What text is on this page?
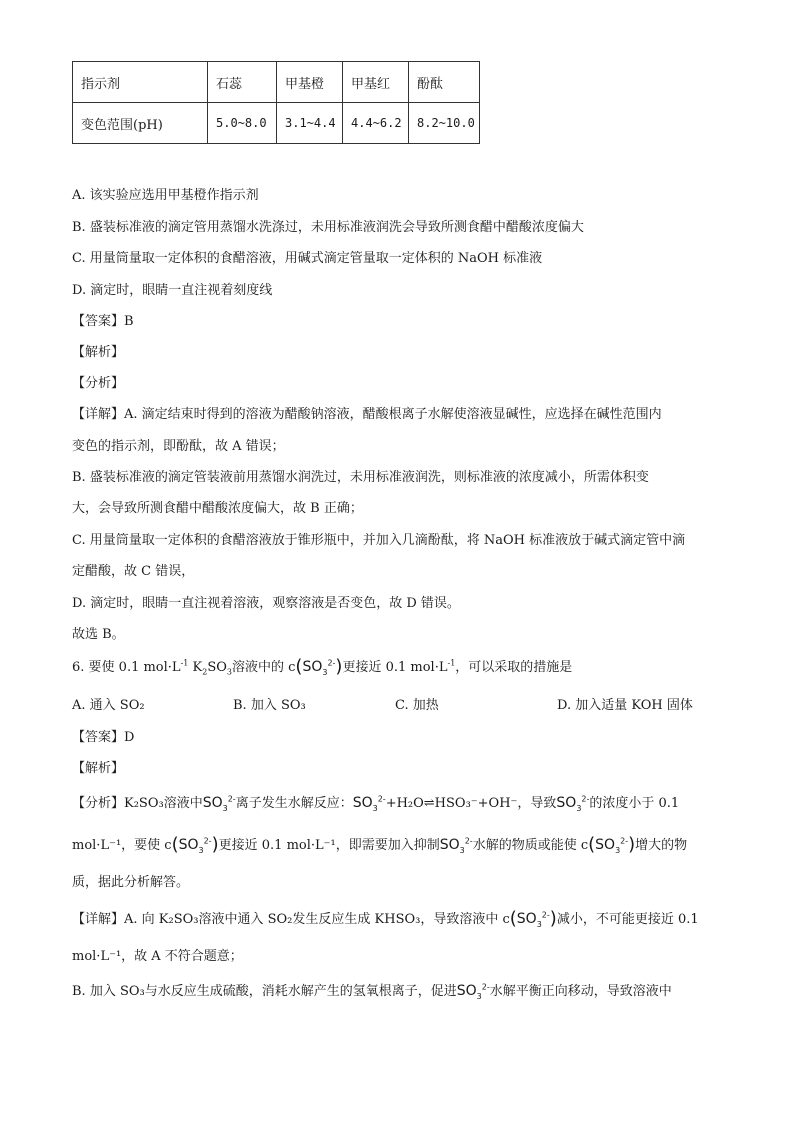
指示剂	石蕊	甲基橙	甲基红	酚酞
变色范围(pH)	5.0~8.0	3.1~4.4	4.4~6.2	8.2~10.0
A. 该实验应选用甲基橙作指示剂
B. 盛装标准液的滴定管用蒸馏水洗涤过，未用标准液润洗会导致所测食醋中醋酸浓度偏大
C. 用量筒量取一定体积的食醋溶液，用碱式滴定管量取一定体积的 NaOH 标准液
D. 滴定时，眼睛一直注视着刻度线
【答案】B
【解析】
【分析】
【详解】A. 滴定结束时得到的溶液为醋酸钠溶液，醋酸根离子水解使溶液显碱性，应选择在碱性范围内
变色的指示剂，即酚酞，故 A 错误；
B. 盛装标准液的滴定管装液前用蒸馏水润洗过，未用标准液润洗，则标准液的浓度减小，所需体积变
大，会导致所测食醋中醋酸浓度偏大，故 B 正确；
C. 用量筒量取一定体积的食醋溶液放于锥形瓶中，并加入几滴酚酞，将 NaOH 标准液放于碱式滴定管中滴
定醋酸，故 C 错误，
D. 滴定时，眼睛一直注视着溶液，观察溶液是否变色，故 D 错误。
故选 B。
6. 要使 0.1 $mol\cdot L^{-1}$ $K_2SO_3$溶液中的 $c(SO_3^{2-})$更接近 0.1 $mol\cdot L^{-1}$，可以采取的措施是
A. 通入 SO₂	B. 加入 SO₃	C. 加热	D. 加入适量 KOH 固体
【答案】D
【解析】
【分析】K₂SO₃溶液中$SO_3^{2-}$离子发生水解反应：$SO_3^{2-}+H_2O\rightleftharpoons HSO_3^-+OH^-$，导致$SO_3^{2-}$的浓度小于 0.1
mol·L⁻¹，要使 $c(SO_3^{2-})$更接近 0.1 mol·L⁻¹，即需要加入抑制$SO_3^{2-}$水解的物质或能使 $c(SO_3^{2-})$增大的物
质，据此分析解答。
【详解】A. 向 K₂SO₃溶液中通入 SO₂发生反应生成 KHSO₃，导致溶液中 $c(SO_3^{2-})$减小，不可能更接近 0.1
mol·L⁻¹，故 A 不符合题意；
B. 加入 SO₃与水反应生成硫酸，消耗水解产生的氢氧根离子，促进$SO_3^{2-}$水解平衡正向移动，导致溶液中
